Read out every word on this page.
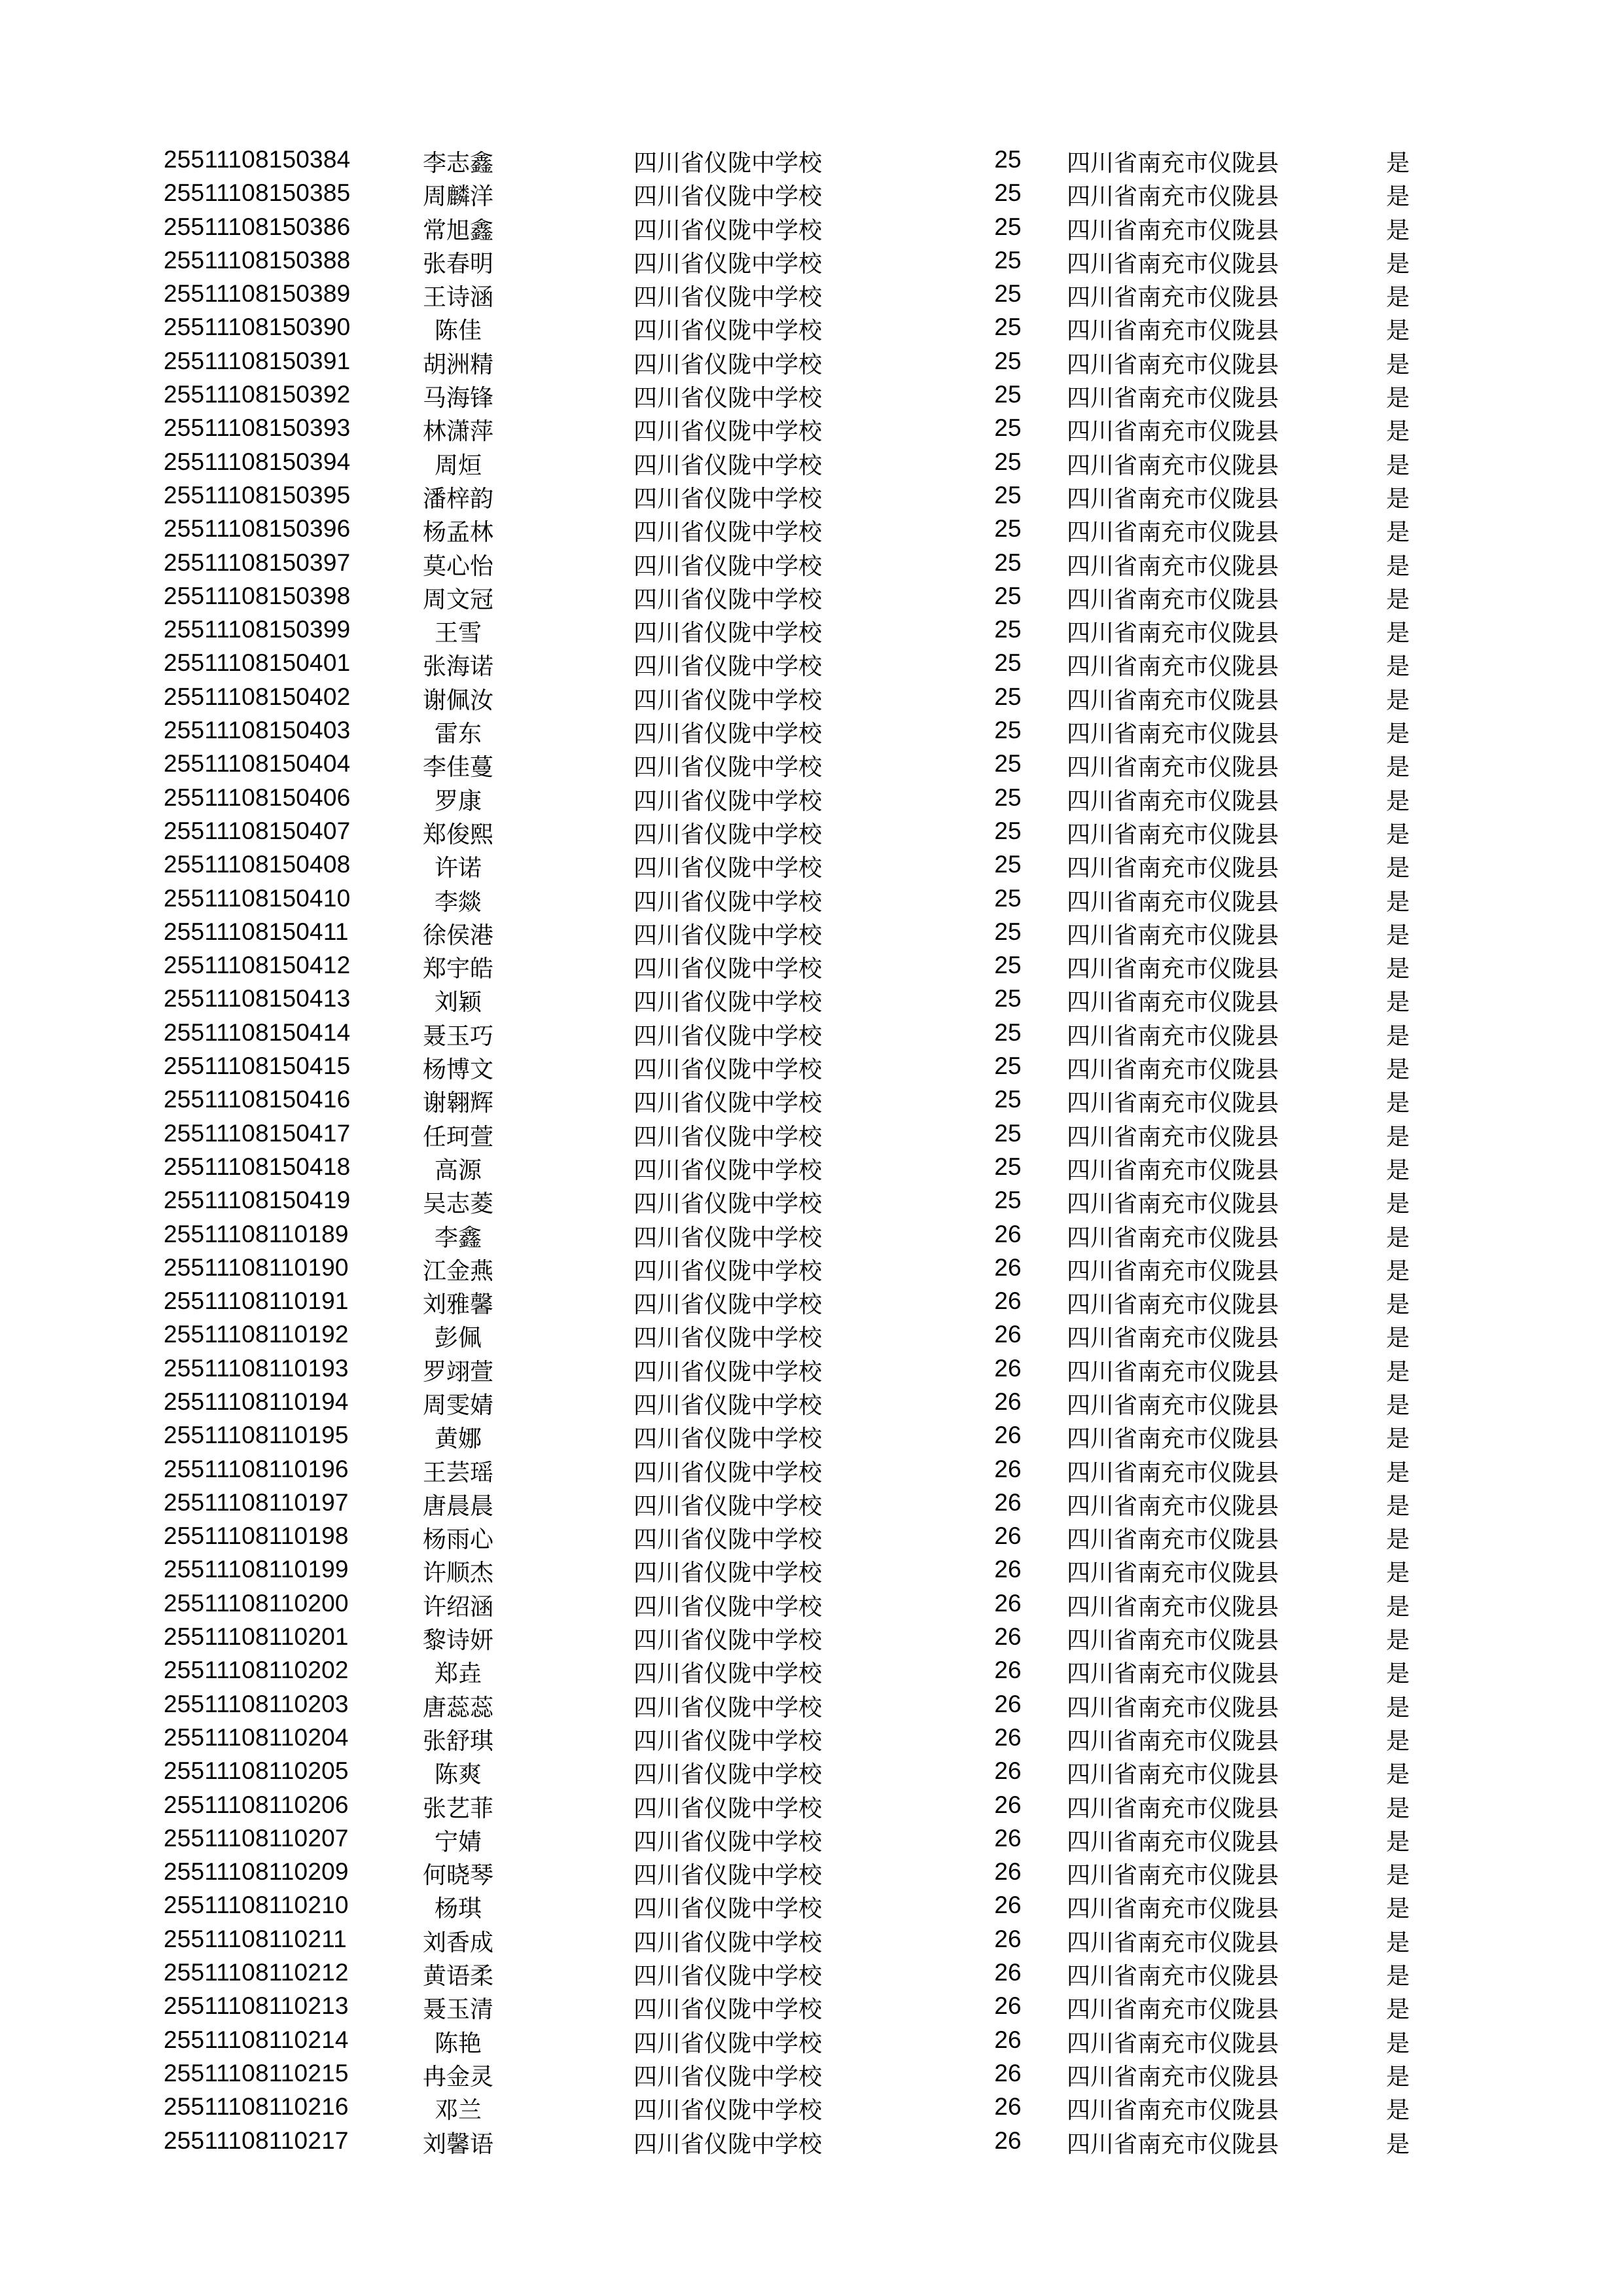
25511108150384	李志鑫	四川省仪陇中学校	25	四川省南充市仪陇县	是
25511108150385	周麟洋	四川省仪陇中学校	25	四川省南充市仪陇县	是
25511108150386	常旭鑫	四川省仪陇中学校	25	四川省南充市仪陇县	是
25511108150388	张春明	四川省仪陇中学校	25	四川省南充市仪陇县	是
25511108150389	王诗涵	四川省仪陇中学校	25	四川省南充市仪陇县	是
25511108150390	陈佳	四川省仪陇中学校	25	四川省南充市仪陇县	是
25511108150391	胡洲精	四川省仪陇中学校	25	四川省南充市仪陇县	是
25511108150392	马海锋	四川省仪陇中学校	25	四川省南充市仪陇县	是
25511108150393	林潇萍	四川省仪陇中学校	25	四川省南充市仪陇县	是
25511108150394	周烜	四川省仪陇中学校	25	四川省南充市仪陇县	是
25511108150395	潘梓韵	四川省仪陇中学校	25	四川省南充市仪陇县	是
25511108150396	杨孟林	四川省仪陇中学校	25	四川省南充市仪陇县	是
25511108150397	莫心怡	四川省仪陇中学校	25	四川省南充市仪陇县	是
25511108150398	周文冠	四川省仪陇中学校	25	四川省南充市仪陇县	是
25511108150399	王雪	四川省仪陇中学校	25	四川省南充市仪陇县	是
25511108150401	张海诺	四川省仪陇中学校	25	四川省南充市仪陇县	是
25511108150402	谢佩汝	四川省仪陇中学校	25	四川省南充市仪陇县	是
25511108150403	雷东	四川省仪陇中学校	25	四川省南充市仪陇县	是
25511108150404	李佳蔓	四川省仪陇中学校	25	四川省南充市仪陇县	是
25511108150406	罗康	四川省仪陇中学校	25	四川省南充市仪陇县	是
25511108150407	郑俊熙	四川省仪陇中学校	25	四川省南充市仪陇县	是
25511108150408	许诺	四川省仪陇中学校	25	四川省南充市仪陇县	是
25511108150410	李燚	四川省仪陇中学校	25	四川省南充市仪陇县	是
25511108150411	徐侯港	四川省仪陇中学校	25	四川省南充市仪陇县	是
25511108150412	郑宇皓	四川省仪陇中学校	25	四川省南充市仪陇县	是
25511108150413	刘颖	四川省仪陇中学校	25	四川省南充市仪陇县	是
25511108150414	聂玉巧	四川省仪陇中学校	25	四川省南充市仪陇县	是
25511108150415	杨博文	四川省仪陇中学校	25	四川省南充市仪陇县	是
25511108150416	谢翱辉	四川省仪陇中学校	25	四川省南充市仪陇县	是
25511108150417	任珂萱	四川省仪陇中学校	25	四川省南充市仪陇县	是
25511108150418	高源	四川省仪陇中学校	25	四川省南充市仪陇县	是
25511108150419	吴志菱	四川省仪陇中学校	25	四川省南充市仪陇县	是
25511108110189	李鑫	四川省仪陇中学校	26	四川省南充市仪陇县	是
25511108110190	江金燕	四川省仪陇中学校	26	四川省南充市仪陇县	是
25511108110191	刘雅馨	四川省仪陇中学校	26	四川省南充市仪陇县	是
25511108110192	彭佩	四川省仪陇中学校	26	四川省南充市仪陇县	是
25511108110193	罗翊萱	四川省仪陇中学校	26	四川省南充市仪陇县	是
25511108110194	周雯婧	四川省仪陇中学校	26	四川省南充市仪陇县	是
25511108110195	黄娜	四川省仪陇中学校	26	四川省南充市仪陇县	是
25511108110196	王芸瑶	四川省仪陇中学校	26	四川省南充市仪陇县	是
25511108110197	唐晨晨	四川省仪陇中学校	26	四川省南充市仪陇县	是
25511108110198	杨雨心	四川省仪陇中学校	26	四川省南充市仪陇县	是
25511108110199	许顺杰	四川省仪陇中学校	26	四川省南充市仪陇县	是
25511108110200	许绍涵	四川省仪陇中学校	26	四川省南充市仪陇县	是
25511108110201	黎诗妍	四川省仪陇中学校	26	四川省南充市仪陇县	是
25511108110202	郑垚	四川省仪陇中学校	26	四川省南充市仪陇县	是
25511108110203	唐蕊蕊	四川省仪陇中学校	26	四川省南充市仪陇县	是
25511108110204	张舒琪	四川省仪陇中学校	26	四川省南充市仪陇县	是
25511108110205	陈爽	四川省仪陇中学校	26	四川省南充市仪陇县	是
25511108110206	张艺菲	四川省仪陇中学校	26	四川省南充市仪陇县	是
25511108110207	宁婧	四川省仪陇中学校	26	四川省南充市仪陇县	是
25511108110209	何晓琴	四川省仪陇中学校	26	四川省南充市仪陇县	是
25511108110210	杨琪	四川省仪陇中学校	26	四川省南充市仪陇县	是
25511108110211	刘香成	四川省仪陇中学校	26	四川省南充市仪陇县	是
25511108110212	黄语柔	四川省仪陇中学校	26	四川省南充市仪陇县	是
25511108110213	聂玉清	四川省仪陇中学校	26	四川省南充市仪陇县	是
25511108110214	陈艳	四川省仪陇中学校	26	四川省南充市仪陇县	是
25511108110215	冉金灵	四川省仪陇中学校	26	四川省南充市仪陇县	是
25511108110216	邓兰	四川省仪陇中学校	26	四川省南充市仪陇县	是
25511108110217	刘馨语	四川省仪陇中学校	26	四川省南充市仪陇县	是
